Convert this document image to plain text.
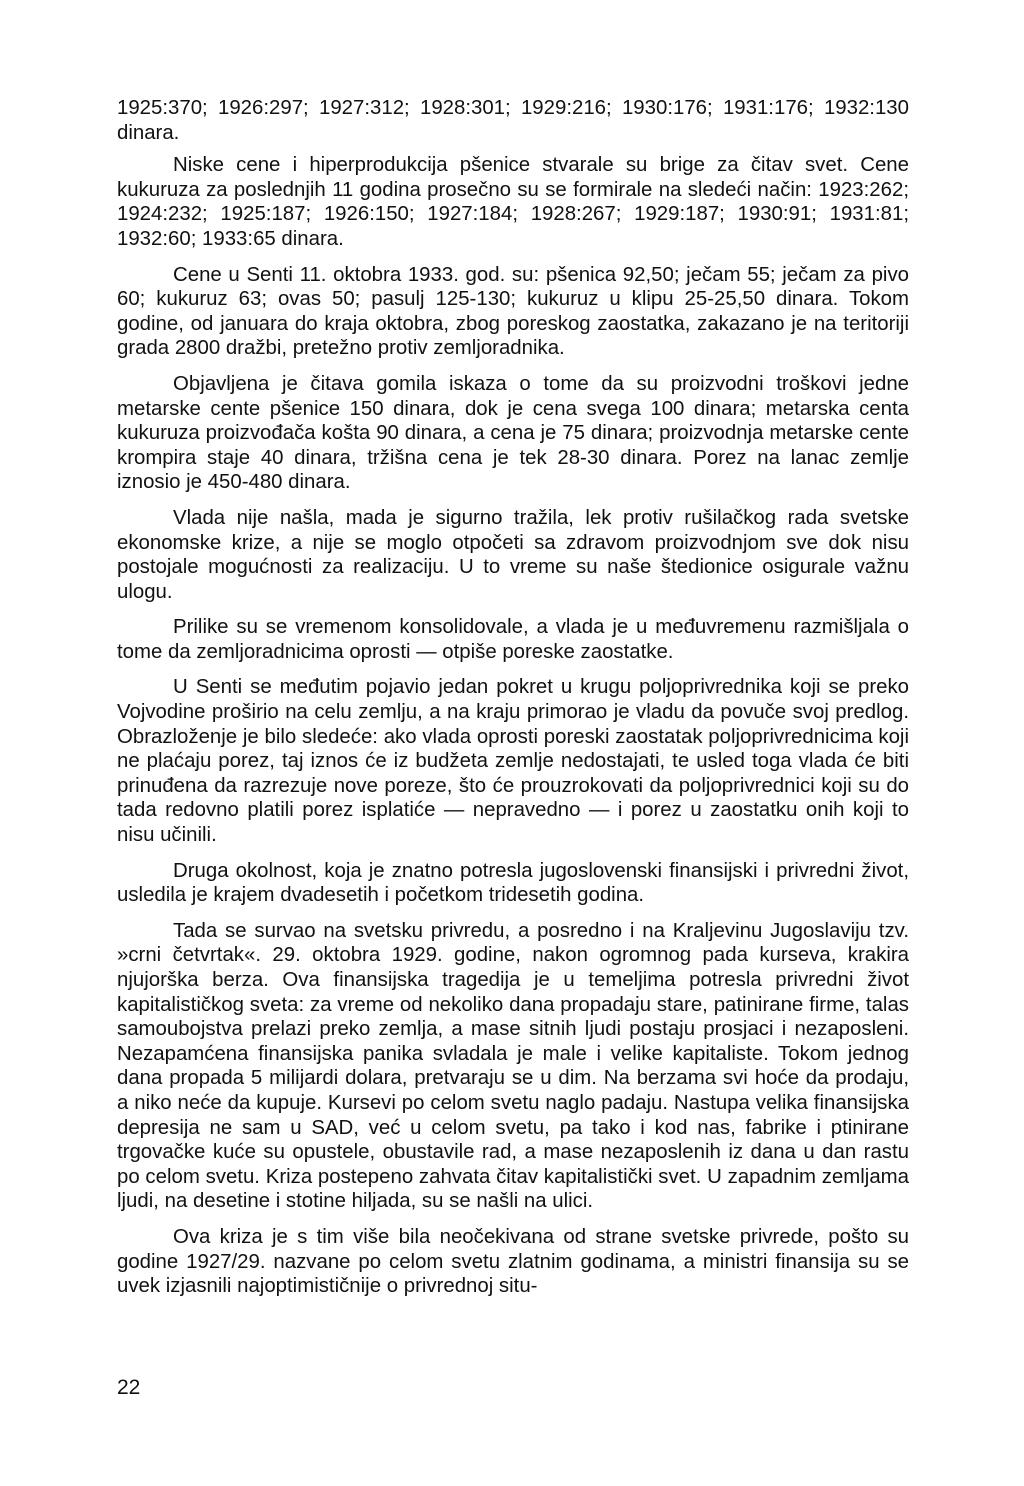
1925:370; 1926:297; 1927:312; 1928:301; 1929:216; 1930:176; 1931:176; 1932:130 dinara.

Niske cene i hiperprodukcija pšenice stvarale su brige za čitav svet. Cene kukuruza za poslednjih 11 godina prosečno su se formirale na sledeći način: 1923:262; 1924:232; 1925:187; 1926:150; 1927:184; 1928:267; 1929:187; 1930:91; 1931:81; 1932:60; 1933:65 dinara.

Cene u Senti 11. oktobra 1933. god. su: pšenica 92,50; ječam 55; ječam za pivo 60; kukuruz 63; ovas 50; pasulj 125-130; kukuruz u klipu 25-25,50 dinara. Tokom godine, od januara do kraja oktobra, zbog poreskog zaostatka, zakazano je na teritoriji grada 2800 dražbi, pretežno protiv zemljoradnika.

Objavljena je čitava gomila iskaza o tome da su proizvodni troškovi jedne metarske cente pšenice 150 dinara, dok je cena svega 100 dinara; metarska centa kukuruza proizvođača košta 90 dinara, a cena je 75 dinara; proizvodnja metarske cente krompira staje 40 dinara, tržišna cena je tek 28-30 dinara. Porez na lanac zemlje iznosio je 450-480 dinara.

Vlada nije našla, mada je sigurno tražila, lek protiv rušilačkog rada svetske ekonomske krize, a nije se moglo otpočeti sa zdravom proizvodnjom sve dok nisu postojale mogućnosti za realizaciju. U to vreme su naše štedionice osigurale važnu ulogu.

Prilike su se vremenom konsolidovale, a vlada je u međuvremenu razmišljala o tome da zemljoradnicima oprosti — otpiše poreske zaostatke.

U Senti se međutim pojavio jedan pokret u krugu poljoprivrednika koji se preko Vojvodine proširio na celu zemlju, a na kraju primorao je vladu da povuče svoj predlog. Obrazloženje je bilo sledeće: ako vlada oprosti poreski zaostatak poljoprivrednicima koji ne plaćaju porez, taj iznos će iz budžeta zemlje nedostajati, te usled toga vlada će biti prinuđena da razrezuje nove poreze, što će prouzrokovati da poljoprivrednici koji su do tada redovno platili porez isplatiće — nepravedno — i porez u zaostatku onih koji to nisu učinili.

Druga okolnost, koja je znatno potresla jugoslovenski finansijski i privredni život, usledila je krajem dvadesetih i početkom tridesetih godina.

Tada se survao na svetsku privredu, a posredno i na Kraljevinu Jugoslaviju tzv. »crni četvrtak«. 29. oktobra 1929. godine, nakon ogromnog pada kurseva, krakira njujorška berza. Ova finansijska tragedija je u temeljima potresla privredni život kapitalističkog sveta: za vreme od nekoliko dana propadaju stare, patinirane firme, talas samoubojstva prelazi preko zemlja, a mase sitnih ljudi postaju prosjaci i nezaposleni. Nezapamćena finansijska panika svladala je male i velike kapitaliste. Tokom jednog dana propada 5 milijardi dolara, pretvaraju se u dim. Na berzama svi hoće da prodaju, a niko neće da kupuje. Kursevi po celom svetu naglo padaju. Nastupa velika finansijska depresija ne sam u SAD, već u celom svetu, pa tako i kod nas, fabrike i ptinirane trgovačke kuće su opustele, obustavile rad, a mase nezaposlenih iz dana u dan rastu po celom svetu. Kriza postepeno zahvata čitav kapitalistički svet. U zapadnim zemljama ljudi, na desetine i stotine hiljada, su se našli na ulici.

Ova kriza je s tim više bila neočekivana od strane svetske privrede, pošto su godine 1927/29. nazvane po celom svetu zlatnim godinama, a ministri finansija su se uvek izjasnili najoptimističnije o privrednoj situ-

22
